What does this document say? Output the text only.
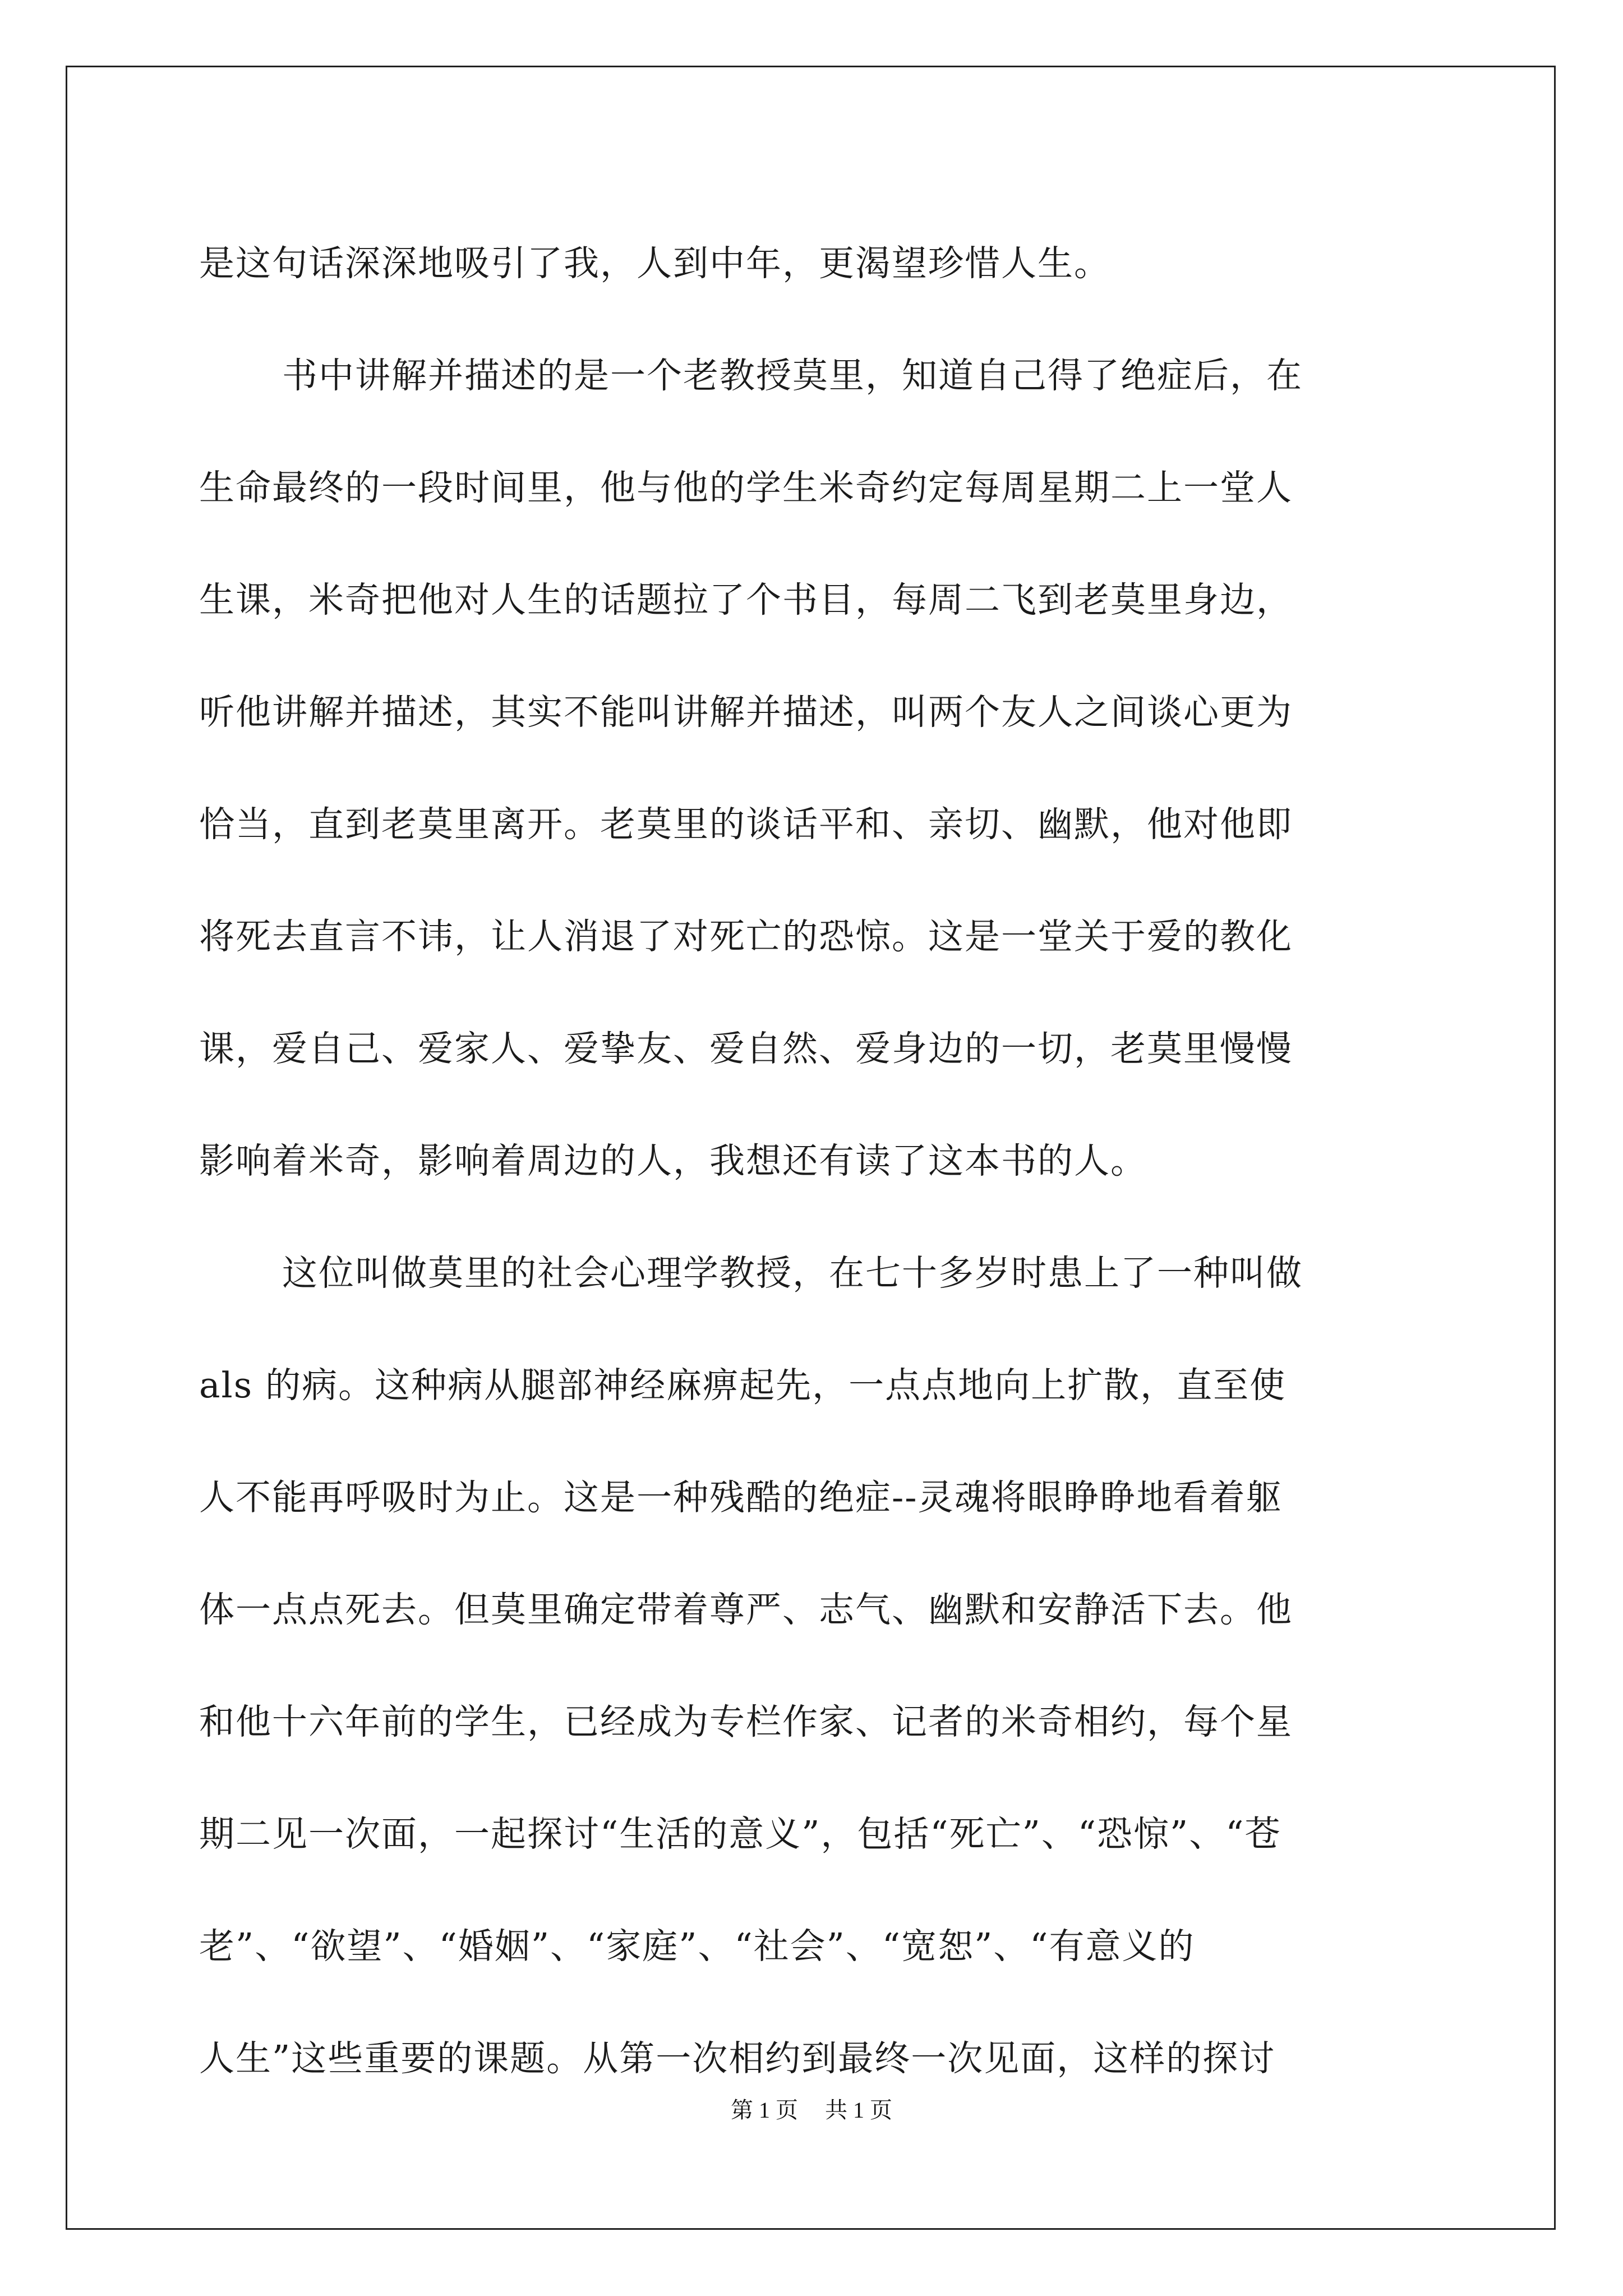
是这句话深深地吸引了我，人到中年，更渴望珍惜人生。
书中讲解并描述的是一个老教授莫里，知道自己得了绝症后，在
生命最终的一段时间里，他与他的学生米奇约定每周星期二上一堂人
生课，米奇把他对人生的话题拉了个书目，每周二飞到老莫里身边，
听他讲解并描述，其实不能叫讲解并描述，叫两个友人之间谈心更为
恰当，直到老莫里离开。老莫里的谈话平和、亲切、幽默，他对他即
将死去直言不讳，让人消退了对死亡的恐惊。这是一堂关于爱的教化
课，爱自己、爱家人、爱挚友、爱自然、爱身边的一切，老莫里慢慢
影响着米奇，影响着周边的人，我想还有读了这本书的人。
这位叫做莫里的社会心理学教授，在七十多岁时患上了一种叫做
als 的病。这种病从腿部神经麻痹起先，一点点地向上扩散，直至使
人不能再呼吸时为止。这是一种残酷的绝症--灵魂将眼睁睁地看着躯
体一点点死去。但莫里确定带着尊严、志气、幽默和安静活下去。他
和他十六年前的学生，已经成为专栏作家、记者的米奇相约，每个星
期二见一次面，一起探讨“生活的意义”，包括“死亡”、“恐惊”、“苍
老”、“欲望”、“婚姻”、“家庭”、“社会”、“宽恕”、“有意义的
人生”这些重要的课题。从第一次相约到最终一次见面，这样的探讨
第 1 页 共 1 页
